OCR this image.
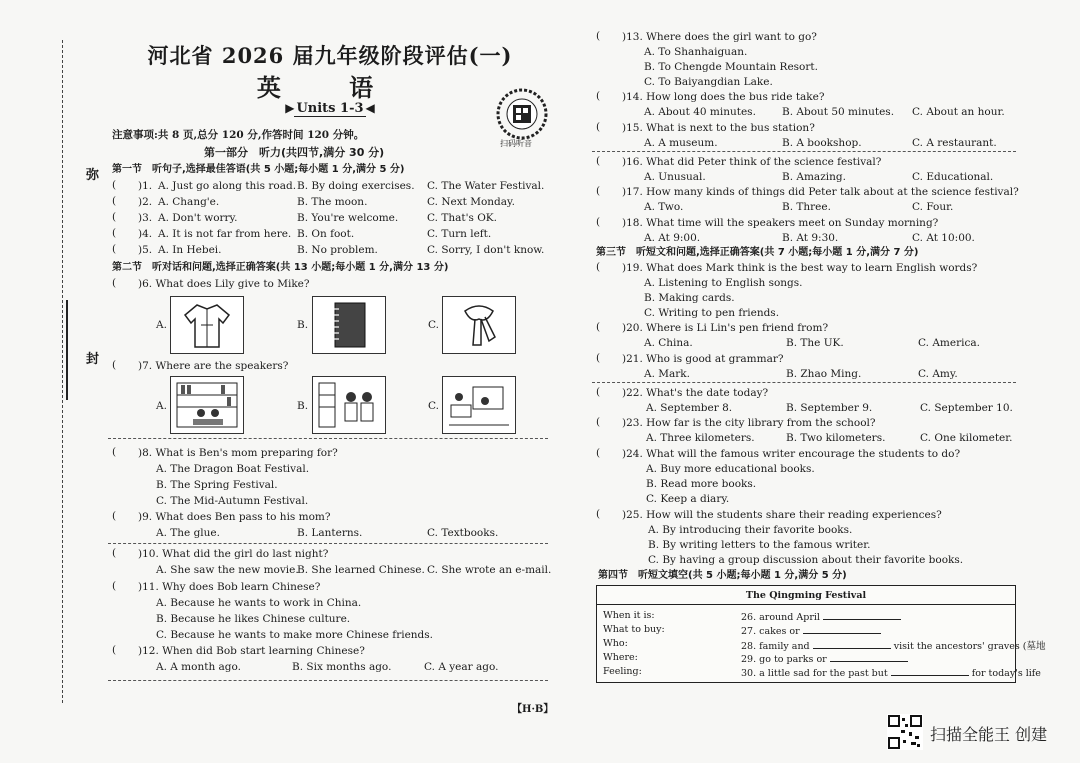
弥
封
河北省 2026 届九年级阶段评估(一)
英 语
▶ Units 1-3 ◀
扫码听音
注意事项:共 8 页,总分 120 分,作答时间 120 分钟。
第一部分　听力(共四节,满分 30 分)
第一节　听句子,选择最佳答语(共 5 小题;每小题 1 分,满分 5 分)
( )1. A. Just go along this road. B. By doing exercises. C. The Water Festival.
( )2. A. Chang'e.	B. The moon.	C. Next Monday.
( )3. A. Don't worry.	B. You're welcome.	C. That's OK.
( )4. A. It is not far from here. B. On foot.	C. Turn left.
( )5. A. In Hebei.	B. No problem.	C. Sorry, I don't know.
第二节　听对话和问题,选择正确答案(共 13 小题;每小题 1 分,满分 13 分)
( )6. What does Lily give to Mike?
A.	B.	C.
( )7. Where are the speakers?
A.	B.	C.
( )8. What is Ben's mom preparing for?
A. The Dragon Boat Festival.
B. The Spring Festival.
C. The Mid-Autumn Festival.
( )9. What does Ben pass to his mom?
A. The glue.	B. Lanterns.	C. Textbooks.
( )10. What did the girl do last night?
A. She saw the new movie.
B. She learned Chinese. C. She wrote an e-mail.
( )11. Why does Bob learn Chinese?
A. Because he wants to work in China.
B. Because he likes Chinese culture.
C. Because he wants to make more Chinese friends.
( )12. When did Bob start learning Chinese?
A. A month ago.	B. Six months ago.	C. A year ago.
【H·B】
( )13. Where does the girl want to go?
A. To Shanhaiguan.
B. To Chengde Mountain Resort.
C. To Baiyangdian Lake.
( )14. How long does the bus ride take?
A. About 40 minutes. B. About 50 minutes. C. About an hour.
( )15. What is next to the bus station?
A. A museum.	B. A bookshop.	C. A restaurant.
( )16. What did Peter think of the science festival?
A. Unusual.	B. Amazing.	C. Educational.
( )17. How many kinds of things did Peter talk about at the science festival?
A. Two.	B. Three.	C. Four.
( )18. What time will the speakers meet on Sunday morning?
A. At 9:00.	B. At 9:30.	C. At 10:00.
第三节　听短文和问题,选择正确答案(共 7 小题;每小题 1 分,满分 7 分)
( )19. What does Mark think is the best way to learn English words?
A. Listening to English songs.
B. Making cards.
C. Writing to pen friends.
( )20. Where is Li Lin's pen friend from?
A. China.	B. The UK.	C. America.
( )21. Who is good at grammar?
A. Mark.	B. Zhao Ming.	C. Amy.
( )22. What's the date today?
A. September 8.	B. September 9.	C. September 10.
( )23. How far is the city library from the school?
A. Three kilometers.	B. Two kilometers.	C. One kilometer.
( )24. What will the famous writer encourage the students to do?
A. Buy more educational books.
B. Read more books.
C. Keep a diary.
( )25. How will the students share their reading experiences?
A. By introducing their favorite books.
B. By writing letters to the famous writer.
C. By having a group discussion about their favorite books.
第四节　听短文填空(共 5 小题;每小题 1 分,满分 5 分)
The Qingming Festival
When it is:	26. around April
What to buy:	27. cakes or
Who:	28. family and	visit the ancestors' graves (墓地
Where:	29. go to parks or
Feeling:	30. a little sad for the past but	for today's life
扫描全能王 创建
